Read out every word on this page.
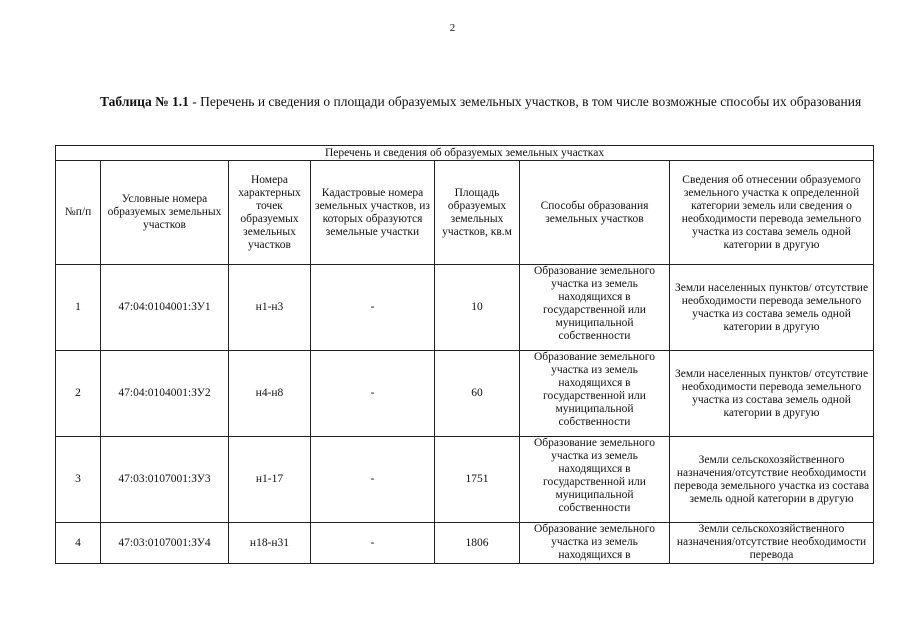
2
Таблица № 1.1 - Перечень и сведения о площади образуемых земельных участков, в том числе возможные способы их образования
Перечень и сведения об образуемых земельных участках						
№п/п	Условные номера образуемых земельных участков	Номера характерных точек образуемых земельных участков	Кадастровые номера земельных участков, из которых образуются земельные участки	Площадь образуемых земельных участков, кв.м	Способы образования земельных участков	Сведения об отнесении образуемого земельного участка к определенной категории земель или сведения о необходимости перевода земельного участка из состава земель одной категории в другую
1	47:04:0104001:ЗУ1	н1-н3	-	10	Образование земельного участка из земель находящихся в государственной или муниципальной собственности	Земли населенных пунктов/ отсутствие необходимости перевода земельного участка из состава земель одной категории в другую
2	47:04:0104001:ЗУ2	н4-н8	-	60	Образование земельного участка из земель находящихся в государственной или муниципальной собственности	Земли населенных пунктов/ отсутствие необходимости перевода земельного участка из состава земель одной категории в другую
3	47:03:0107001:ЗУ3	н1-17	-	1751	Образование земельного участка из земель находящихся в государственной или муниципальной собственности	Земли сельскохозяйственного назначения/отсутствие необходимости перевода земельного участка из состава земель одной категории в другую
4	47:03:0107001:ЗУ4	н18-н31	-	1806	Образование земельного участка из земель находящихся в	Земли сельскохозяйственного назначения/отсутствие необходимости перевода
